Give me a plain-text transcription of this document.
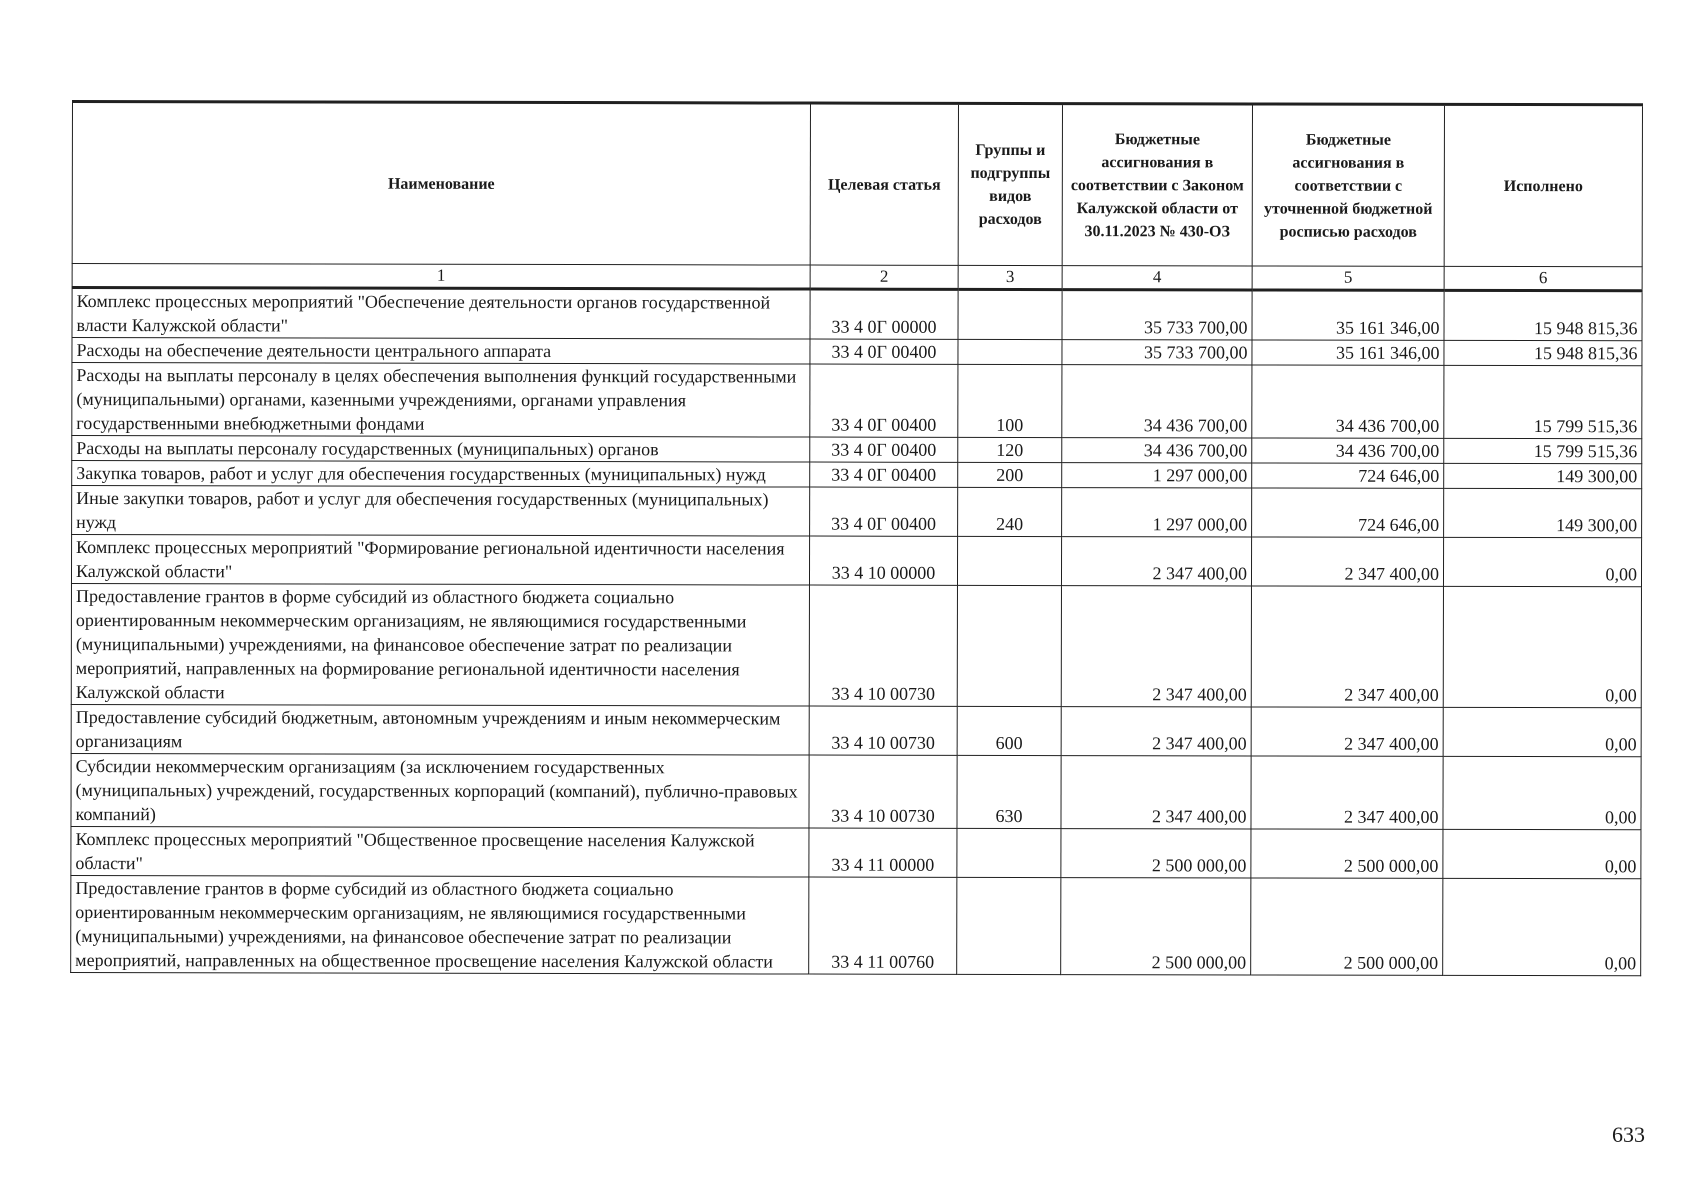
Наименование	Целевая статья	Группы и подгруппы видов расходов	Бюджетные ассигнования в соответствии с Законом Калужской области от 30.11.2023 № 430-ОЗ	Бюджетные ассигнования в соответствии с уточненной бюджетной росписью расходов	Исполнено
1	2	3	4	5	6
Комплекс процессных мероприятий "Обеспечение деятельности органов государственной власти Калужской области"	33 4 0Г 00000		35 733 700,00	35 161 346,00	15 948 815,36
Расходы на обеспечение деятельности центрального аппарата	33 4 0Г 00400		35 733 700,00	35 161 346,00	15 948 815,36
Расходы на выплаты персоналу в целях обеспечения выполнения функций государственными (муниципальными) органами, казенными учреждениями, органами управления государственными внебюджетными фондами	33 4 0Г 00400	100	34 436 700,00	34 436 700,00	15 799 515,36
Расходы на выплаты персоналу государственных (муниципальных) органов	33 4 0Г 00400	120	34 436 700,00	34 436 700,00	15 799 515,36
Закупка товаров, работ и услуг для обеспечения государственных (муниципальных) нужд	33 4 0Г 00400	200	1 297 000,00	724 646,00	149 300,00
Иные закупки товаров, работ и услуг для обеспечения государственных (муниципальных) нужд	33 4 0Г 00400	240	1 297 000,00	724 646,00	149 300,00
Комплекс процессных мероприятий "Формирование региональной идентичности населения Калужской области"	33 4 10 00000		2 347 400,00	2 347 400,00	0,00
Предоставление грантов в форме субсидий из областного бюджета социально ориентированным некоммерческим организациям, не являющимися государственными (муниципальными) учреждениями, на финансовое обеспечение затрат по реализации мероприятий, направленных на формирование региональной идентичности населения Калужской области	33 4 10 00730		2 347 400,00	2 347 400,00	0,00
Предоставление субсидий бюджетным, автономным учреждениям и иным некоммерческим организациям	33 4 10 00730	600	2 347 400,00	2 347 400,00	0,00
Субсидии некоммерческим организациям (за исключением государственных (муниципальных) учреждений, государственных корпораций (компаний), публично-правовых компаний)	33 4 10 00730	630	2 347 400,00	2 347 400,00	0,00
Комплекс процессных мероприятий "Общественное просвещение населения Калужской области"	33 4 11 00000		2 500 000,00	2 500 000,00	0,00
Предоставление грантов в форме субсидий из областного бюджета социально ориентированным некоммерческим организациям, не являющимися государственными (муниципальными) учреждениями, на финансовое обеспечение затрат по реализации мероприятий, направленных на общественное просвещение населения Калужской области	33 4 11 00760		2 500 000,00	2 500 000,00	0,00
633
